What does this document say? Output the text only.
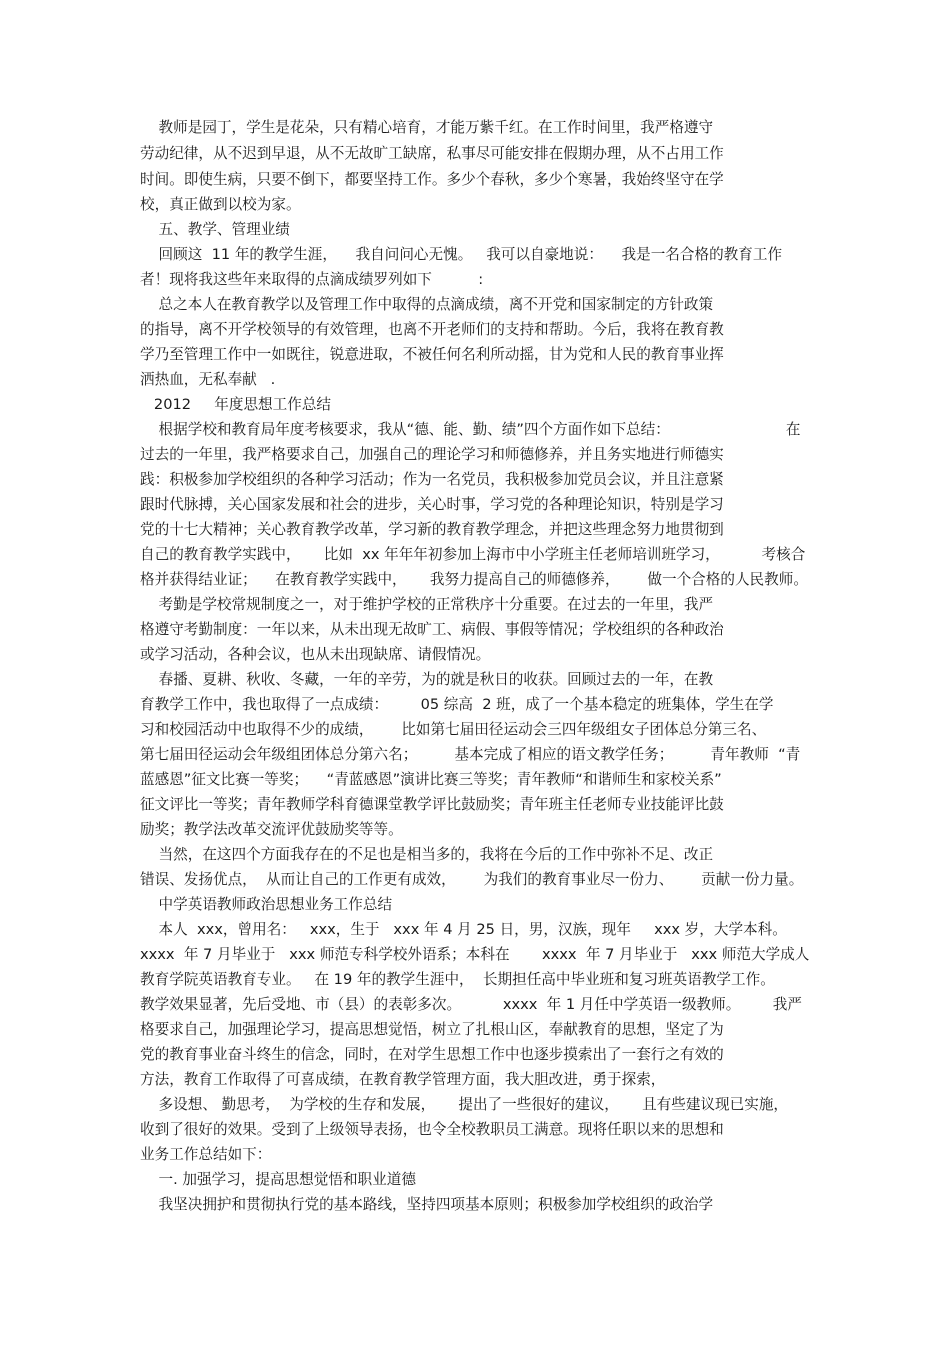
教师是园丁，学生是花朵，只有精心培育，才能万紫千红。在工作时间里，我严格遵守

劳动纪律，从不迟到早退，从不无故旷工缺席，私事尽可能安排在假期办理，从不占用工作

时间。即使生病，只要不倒下，都要坚持工作。多少个春秋，多少个寒暑，我始终坚守在学

校，真正做到以校为家。

五、教学、管理业绩

回顾这  11 年的教学生涯，    我自问问心无愧。   我可以自豪地说：    我是一名合格的教育工作

者！现将我这些年来取得的点滴成绩罗列如下          :

总之本人在教育教学以及管理工作中取得的点滴成绩，离不开党和国家制定的方针政策

的指导，离不开学校领导的有效管理，也离不开老师们的支持和帮助。今后，我将在教育教

学乃至管理工作中一如既往，锐意进取，不被任何名利所动摇，甘为党和人民的教育事业挥

洒热血，无私奉献   .

2012     年度思想工作总结

根据学校和教育局年度考核要求，我从“德、能、勤、绩”四个方面作如下总结：                         在

过去的一年里，我严格要求自己，加强自己的理论学习和师德修养，并且务实地进行师德实

践：积极参加学校组织的各种学习活动；作为一名党员，我积极参加党员会议，并且注意紧

跟时代脉搏，关心国家发展和社会的进步，关心时事，学习党的各种理论知识，特别是学习

党的十七大精神；关心教育教学改革，学习新的教育教学理念，并把这些理念努力地贯彻到

自己的教育教学实践中，     比如  xx 年年年初参加上海市中小学班主任老师培训班学习，         考核合

格并获得结业证；    在教育教学实践中，     我努力提高自己的师德修养，      做一个合格的人民教师。

考勤是学校常规制度之一，对于维护学校的正常秩序十分重要。在过去的一年里，我严

格遵守考勤制度：一年以来，从未出现无故旷工、病假、事假等情况；学校组织的各种政治

或学习活动，各种会议，也从未出现缺席、请假情况。

春播、夏耕、秋收、冬藏，一年的辛劳，为的就是秋日的收获。回顾过去的一年，在教

育教学工作中，我也取得了一点成绩：       05 综高  2 班，成了一个基本稳定的班集体，学生在学

习和校园活动中也取得不少的成绩，      比如第七届田径运动会三四年级组女子团体总分第三名、

第七届田径运动会年级组团体总分第六名；        基本完成了相应的语文教学任务；        青年教师  “青

蓝感恩”征文比赛一等奖；    “青蓝感恩”演讲比赛三等奖；青年教师“和谐师生和家校关系”

征文评比一等奖；青年教师学科育德课堂教学评比鼓励奖；青年班主任老师专业技能评比鼓

励奖；教学法改革交流评优鼓励奖等等。

当然，在这四个方面我存在的不足也是相当多的，我将在今后的工作中弥补不足、改正

错误、发扬优点，  从而让自己的工作更有成效，      为我们的教育事业尽一份力、      贡献一份力量。

中学英语教师政治思想业务工作总结

本人  xxx，曾用名：   xxx，生于   xxx 年 4 月 25 日，男，汉族，现年     xxx 岁，大学本科。

xxxx  年 7 月毕业于   xxx 师范专科学校外语系；本科在       xxxx  年 7 月毕业于   xxx 师范大学成人

教育学院英语教育专业。   在 19 年的教学生涯中，  长期担任高中毕业班和复习班英语教学工作。

教学效果显著，先后受地、市（县）的表彰多次。         xxxx  年 1 月任中学英语一级教师。       我严

格要求自己，加强理论学习，提高思想觉悟，树立了扎根山区，奉献教育的思想，坚定了为

党的教育事业奋斗终生的信念，同时，在对学生思想工作中也逐步摸索出了一套行之有效的

方法，教育工作取得了可喜成绩，在教育教学管理方面，我大胆改进，勇于探索，

多设想、 勤思考，  为学校的生存和发展，     提出了一些很好的建议，     且有些建议现已实施，

收到了很好的效果。受到了上级领导表扬，也令全校教职员工满意。现将任职以来的思想和

业务工作总结如下：

一. 加强学习，提高思想觉悟和职业道德

我坚决拥护和贯彻执行党的基本路线，坚持四项基本原则；积极参加学校组织的政治学
